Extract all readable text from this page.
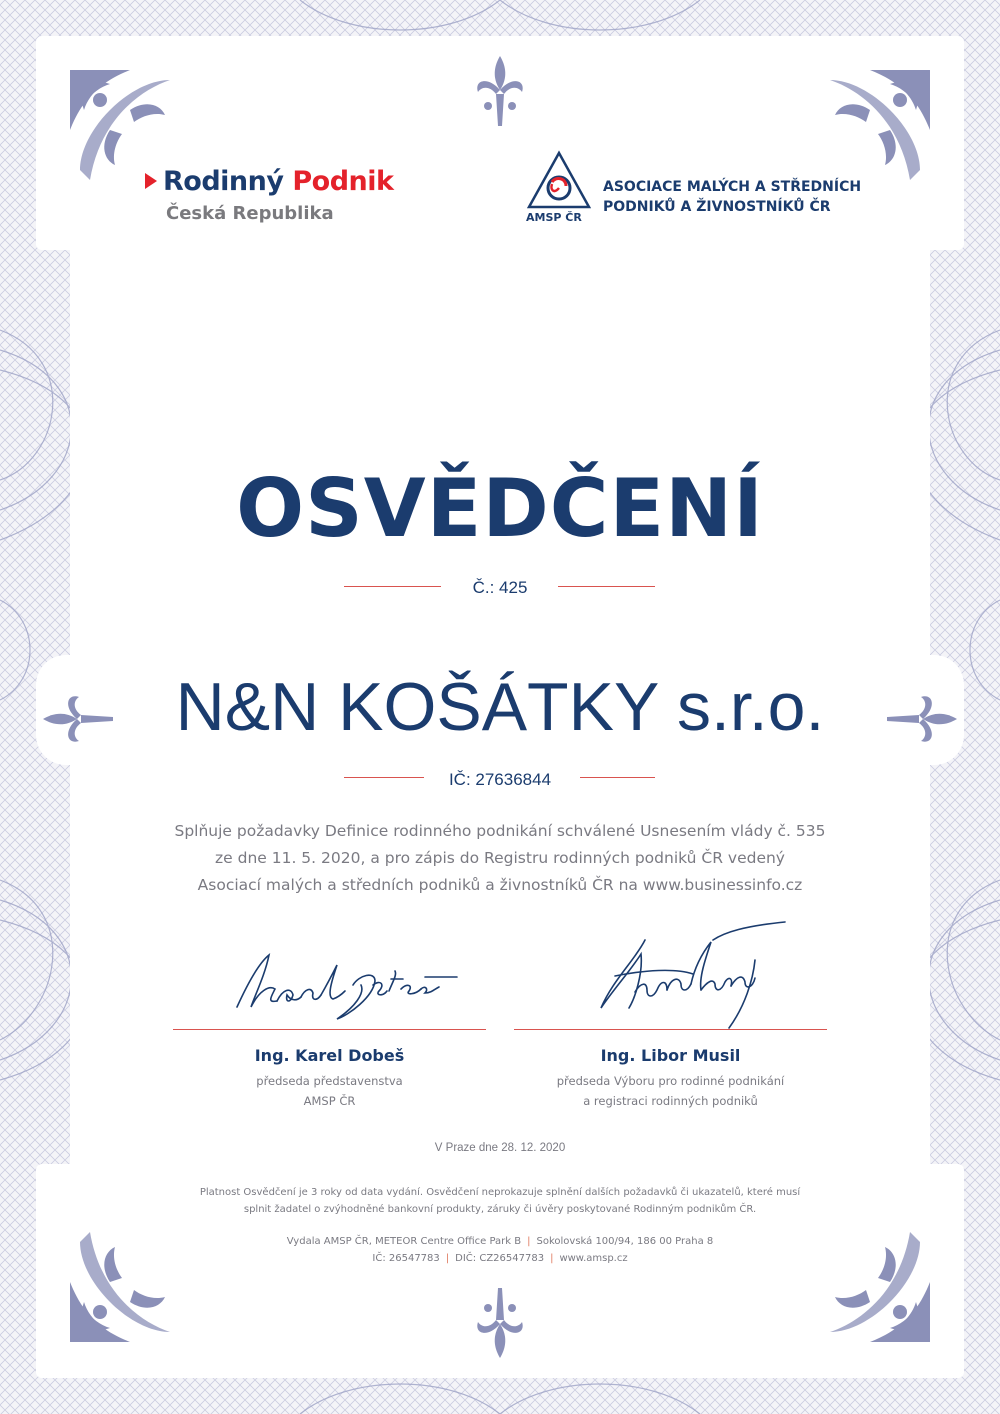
Rodinný Podnik
Česká Republika	AMSP ČR
ASOCIACE MALÝCH A STŘEDNÍCH
PODNIKŮ A ŽIVNOSTNÍKŮ ČR
OSVĚDČENÍ
Č.: 425
N&N KOŠÁTKY s.r.o.
IČ: 27636844
Splňuje požadavky Definice rodinného podnikání schválené Usnesením vlády č. 535
ze dne 11. 5. 2020, a pro zápis do Registru rodinných podniků ČR vedený
Asociací malých a středních podniků a živnostníků ČR na www.businessinfo.cz
Ing. Karel Dobeš
předseda představenstva
AMSP ČR
Ing. Libor Musil
předseda Výboru pro rodinné podnikání
a registraci rodinných podniků
V Praze dne 28. 12. 2020
Platnost Osvědčení je 3 roky od data vydání. Osvědčení neprokazuje splnění dalších požadavků či ukazatelů, které musí
splnit žadatel o zvýhodněné bankovní produkty, záruky či úvěry poskytované Rodinným podnikům ČR.
Vydala AMSP ČR, METEOR Centre Office Park B | Sokolovská 100/94, 186 00 Praha 8
IČ: 26547783 | DIČ: CZ26547783 | www.amsp.cz
